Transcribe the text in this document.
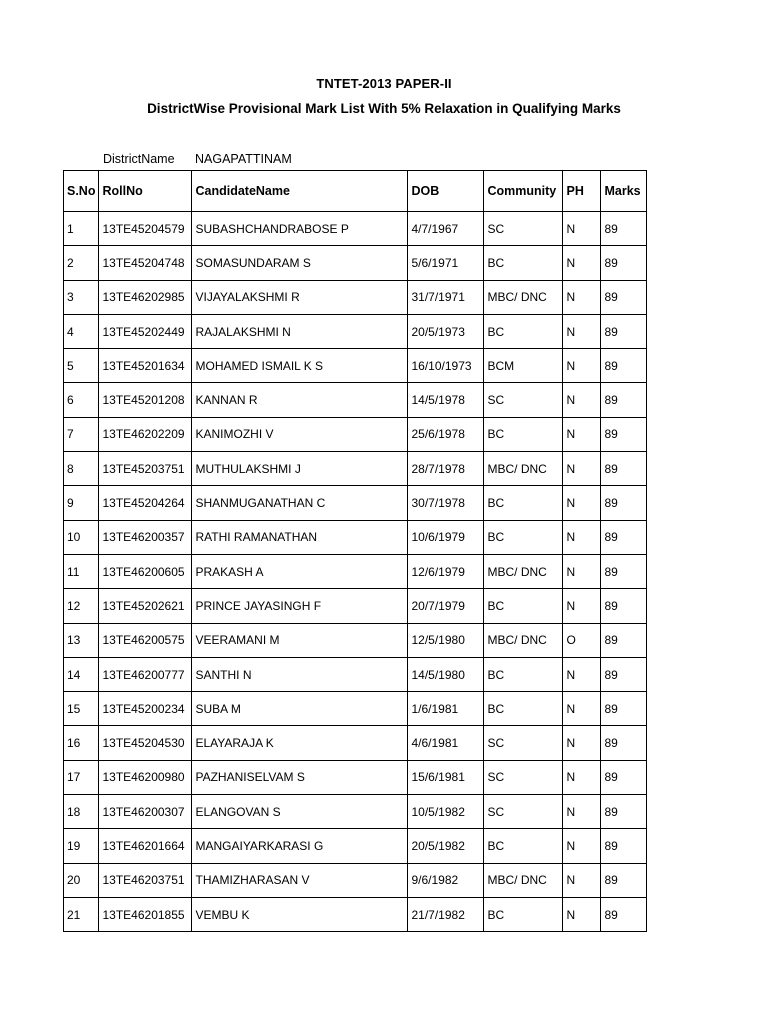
TNTET-2013 PAPER-II
DistrictWise Provisional Mark List With 5% Relaxation in Qualifying Marks
DistrictName NAGAPATTINAM
S.No	RollNo	CandidateName	DOB	Community	PH	Marks
1	13TE45204579	SUBASHCHANDRABOSE P	4/7/1967	SC	N	89
2	13TE45204748	SOMASUNDARAM S	5/6/1971	BC	N	89
3	13TE46202985	VIJAYALAKSHMI R	31/7/1971	MBC/ DNC	N	89
4	13TE45202449	RAJALAKSHMI N	20/5/1973	BC	N	89
5	13TE45201634	MOHAMED ISMAIL K S	16/10/1973	BCM	N	89
6	13TE45201208	KANNAN R	14/5/1978	SC	N	89
7	13TE46202209	KANIMOZHI V	25/6/1978	BC	N	89
8	13TE45203751	MUTHULAKSHMI J	28/7/1978	MBC/ DNC	N	89
9	13TE45204264	SHANMUGANATHAN C	30/7/1978	BC	N	89
10	13TE46200357	RATHI RAMANATHAN	10/6/1979	BC	N	89
11	13TE46200605	PRAKASH A	12/6/1979	MBC/ DNC	N	89
12	13TE45202621	PRINCE JAYASINGH F	20/7/1979	BC	N	89
13	13TE46200575	VEERAMANI M	12/5/1980	MBC/ DNC	O	89
14	13TE46200777	SANTHI N	14/5/1980	BC	N	89
15	13TE45200234	SUBA M	1/6/1981	BC	N	89
16	13TE45204530	ELAYARAJA K	4/6/1981	SC	N	89
17	13TE46200980	PAZHANISELVAM S	15/6/1981	SC	N	89
18	13TE46200307	ELANGOVAN S	10/5/1982	SC	N	89
19	13TE46201664	MANGAIYARKARASI G	20/5/1982	BC	N	89
20	13TE46203751	THAMIZHARASAN V	9/6/1982	MBC/ DNC	N	89
21	13TE46201855	VEMBU K	21/7/1982	BC	N	89
